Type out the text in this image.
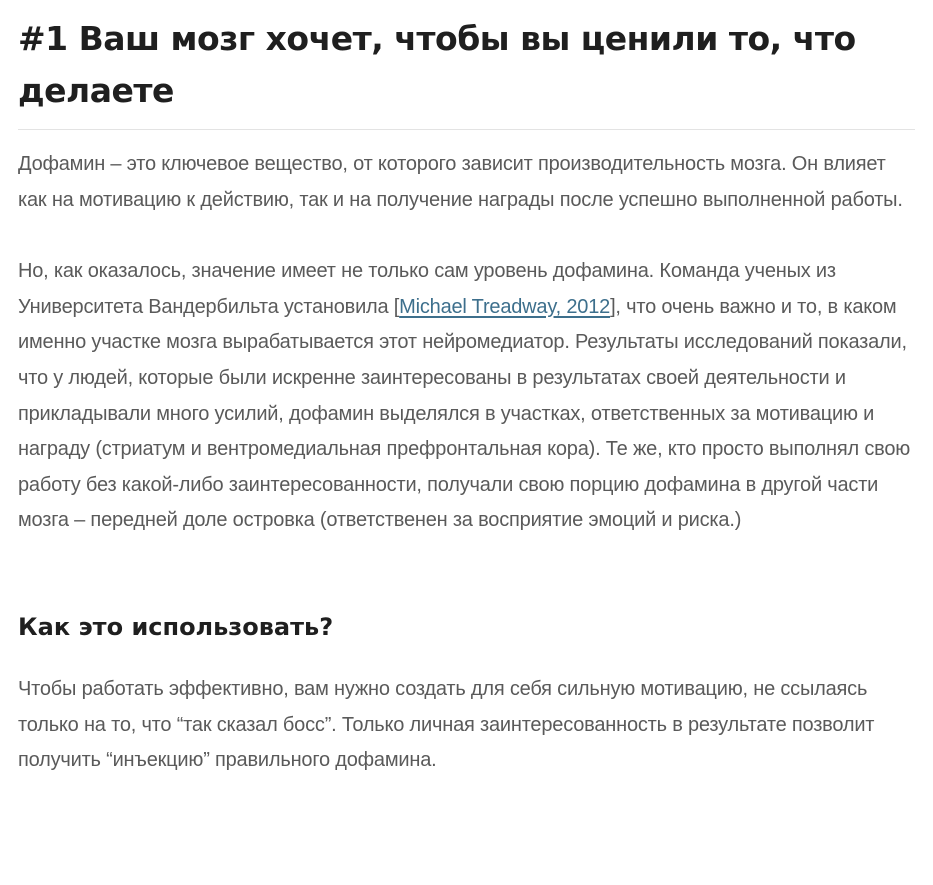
#1 Ваш мозг хочет, чтобы вы ценили то, что делаете

Дофамин – это ключевое вещество, от которого зависит производительность мозга. Он влияет как на мотивацию к действию, так и на получение награды после успешно выполненной работы.

Но, как оказалось, значение имеет не только сам уровень дофамина. Команда ученых из Университета Вандербильта установила [Michael Treadway, 2012], что очень важно и то, в каком именно участке мозга вырабатывается этот нейромедиатор. Результаты исследований показали, что у людей, которые были искренне заинтересованы в результатах своей деятельности и прикладывали много усилий, дофамин выделялся в участках, ответственных за мотивацию и награду (стриатум и вентромедиальная префронтальная кора). Те же, кто просто выполнял свою работу без какой-либо заинтересованности, получали свою порцию дофамина в другой части мозга – передней доле островка (ответственен за восприятие эмоций и риска.)

Как это использовать?

Чтобы работать эффективно, вам нужно создать для себя сильную мотивацию, не ссылаясь только на то, что “так сказал босс”. Только личная заинтересованность в результате позволит получить “инъекцию” правильного дофамина.
